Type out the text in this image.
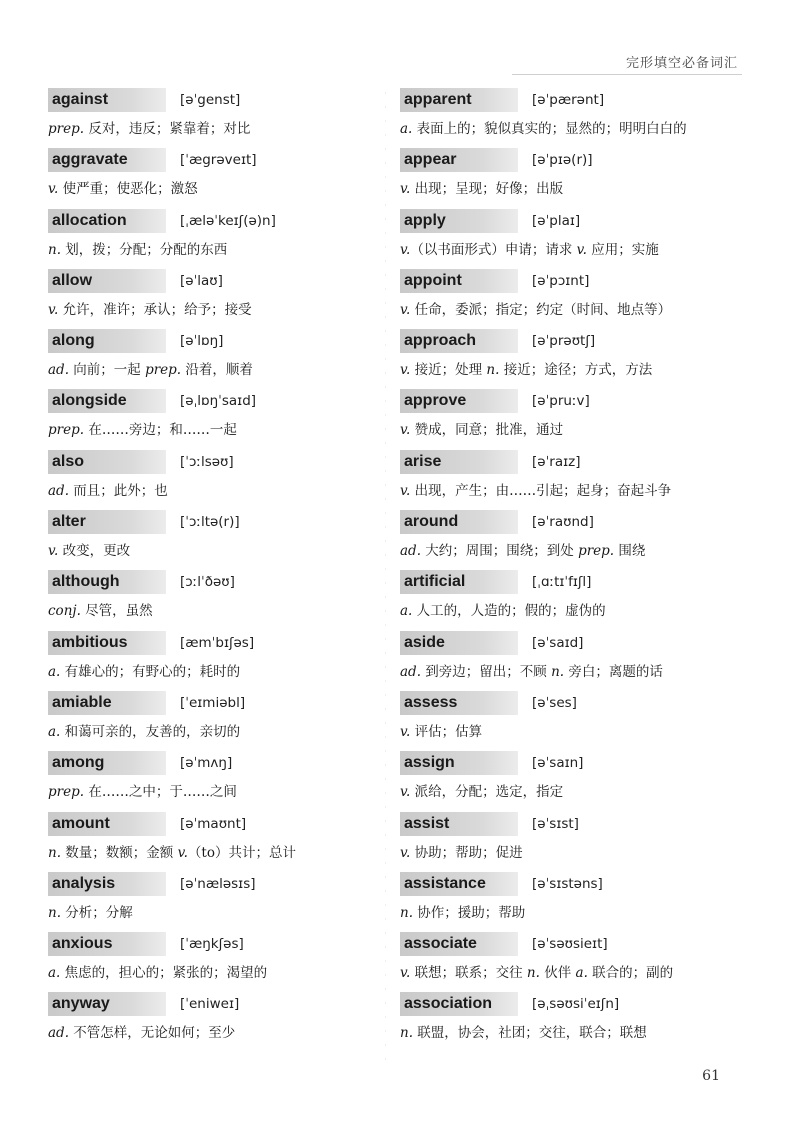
完形填空必备词汇
against	[əˈgenst]
prep. 反对，违反；紧靠着；对比
aggravate	[ˈægrəveɪt]
v. 使严重；使恶化；激怒
allocation	[ˌæləˈkeɪʃ(ə)n]
n. 划，拨；分配；分配的东西
allow	[əˈlaʊ]
v. 允许，准许；承认；给予；接受
along	[əˈlɒŋ]
ad. 向前；一起 prep. 沿着，顺着
alongside	[əˌlɒŋˈsaɪd]
prep. 在……旁边；和……一起
also	[ˈɔːlsəʊ]
ad. 而且；此外；也
alter	[ˈɔːltə(r)]
v. 改变，更改
although	[ɔːlˈðəʊ]
conj. 尽管，虽然
ambitious	[æmˈbɪʃəs]
a. 有雄心的；有野心的；耗时的
amiable	[ˈeɪmiəbl]
a. 和蔼可亲的，友善的，亲切的
among	[əˈmʌŋ]
prep. 在……之中；于……之间
amount	[əˈmaʊnt]
n. 数量；数额；金额 v.（to）共计；总计
analysis	[əˈnæləsɪs]
n. 分析；分解
anxious	[ˈæŋkʃəs]
a. 焦虑的，担心的；紧张的；渴望的
anyway	[ˈeniweɪ]
ad. 不管怎样，无论如何；至少
apparent	[əˈpærənt]
a. 表面上的；貌似真实的；显然的；明明白白的
appear	[əˈpɪə(r)]
v. 出现；呈现；好像；出版
apply	[əˈplaɪ]
v.（以书面形式）申请；请求 v. 应用；实施
appoint	[əˈpɔɪnt]
v. 任命，委派；指定；约定（时间、地点等）
approach	[əˈprəʊtʃ]
v. 接近；处理 n. 接近；途径；方式，方法
approve	[əˈpruːv]
v. 赞成，同意；批准，通过
arise	[əˈraɪz]
v. 出现，产生；由……引起；起身；奋起斗争
around	[əˈraʊnd]
ad. 大约；周围；围绕；到处 prep. 围绕
artificial	[ˌɑːtɪˈfɪʃl]
a. 人工的，人造的；假的；虚伪的
aside	[əˈsaɪd]
ad. 到旁边；留出；不顾 n. 旁白；离题的话
assess	[əˈses]
v. 评估；估算
assign	[əˈsaɪn]
v. 派给，分配；选定，指定
assist	[əˈsɪst]
v. 协助；帮助；促进
assistance	[əˈsɪstəns]
n. 协作；援助；帮助
associate	[əˈsəʊsieɪt]
v. 联想；联系；交往 n. 伙伴 a. 联合的；副的
association	[əˌsəʊsiˈeɪʃn]
n. 联盟，协会，社团；交往，联合；联想
61
